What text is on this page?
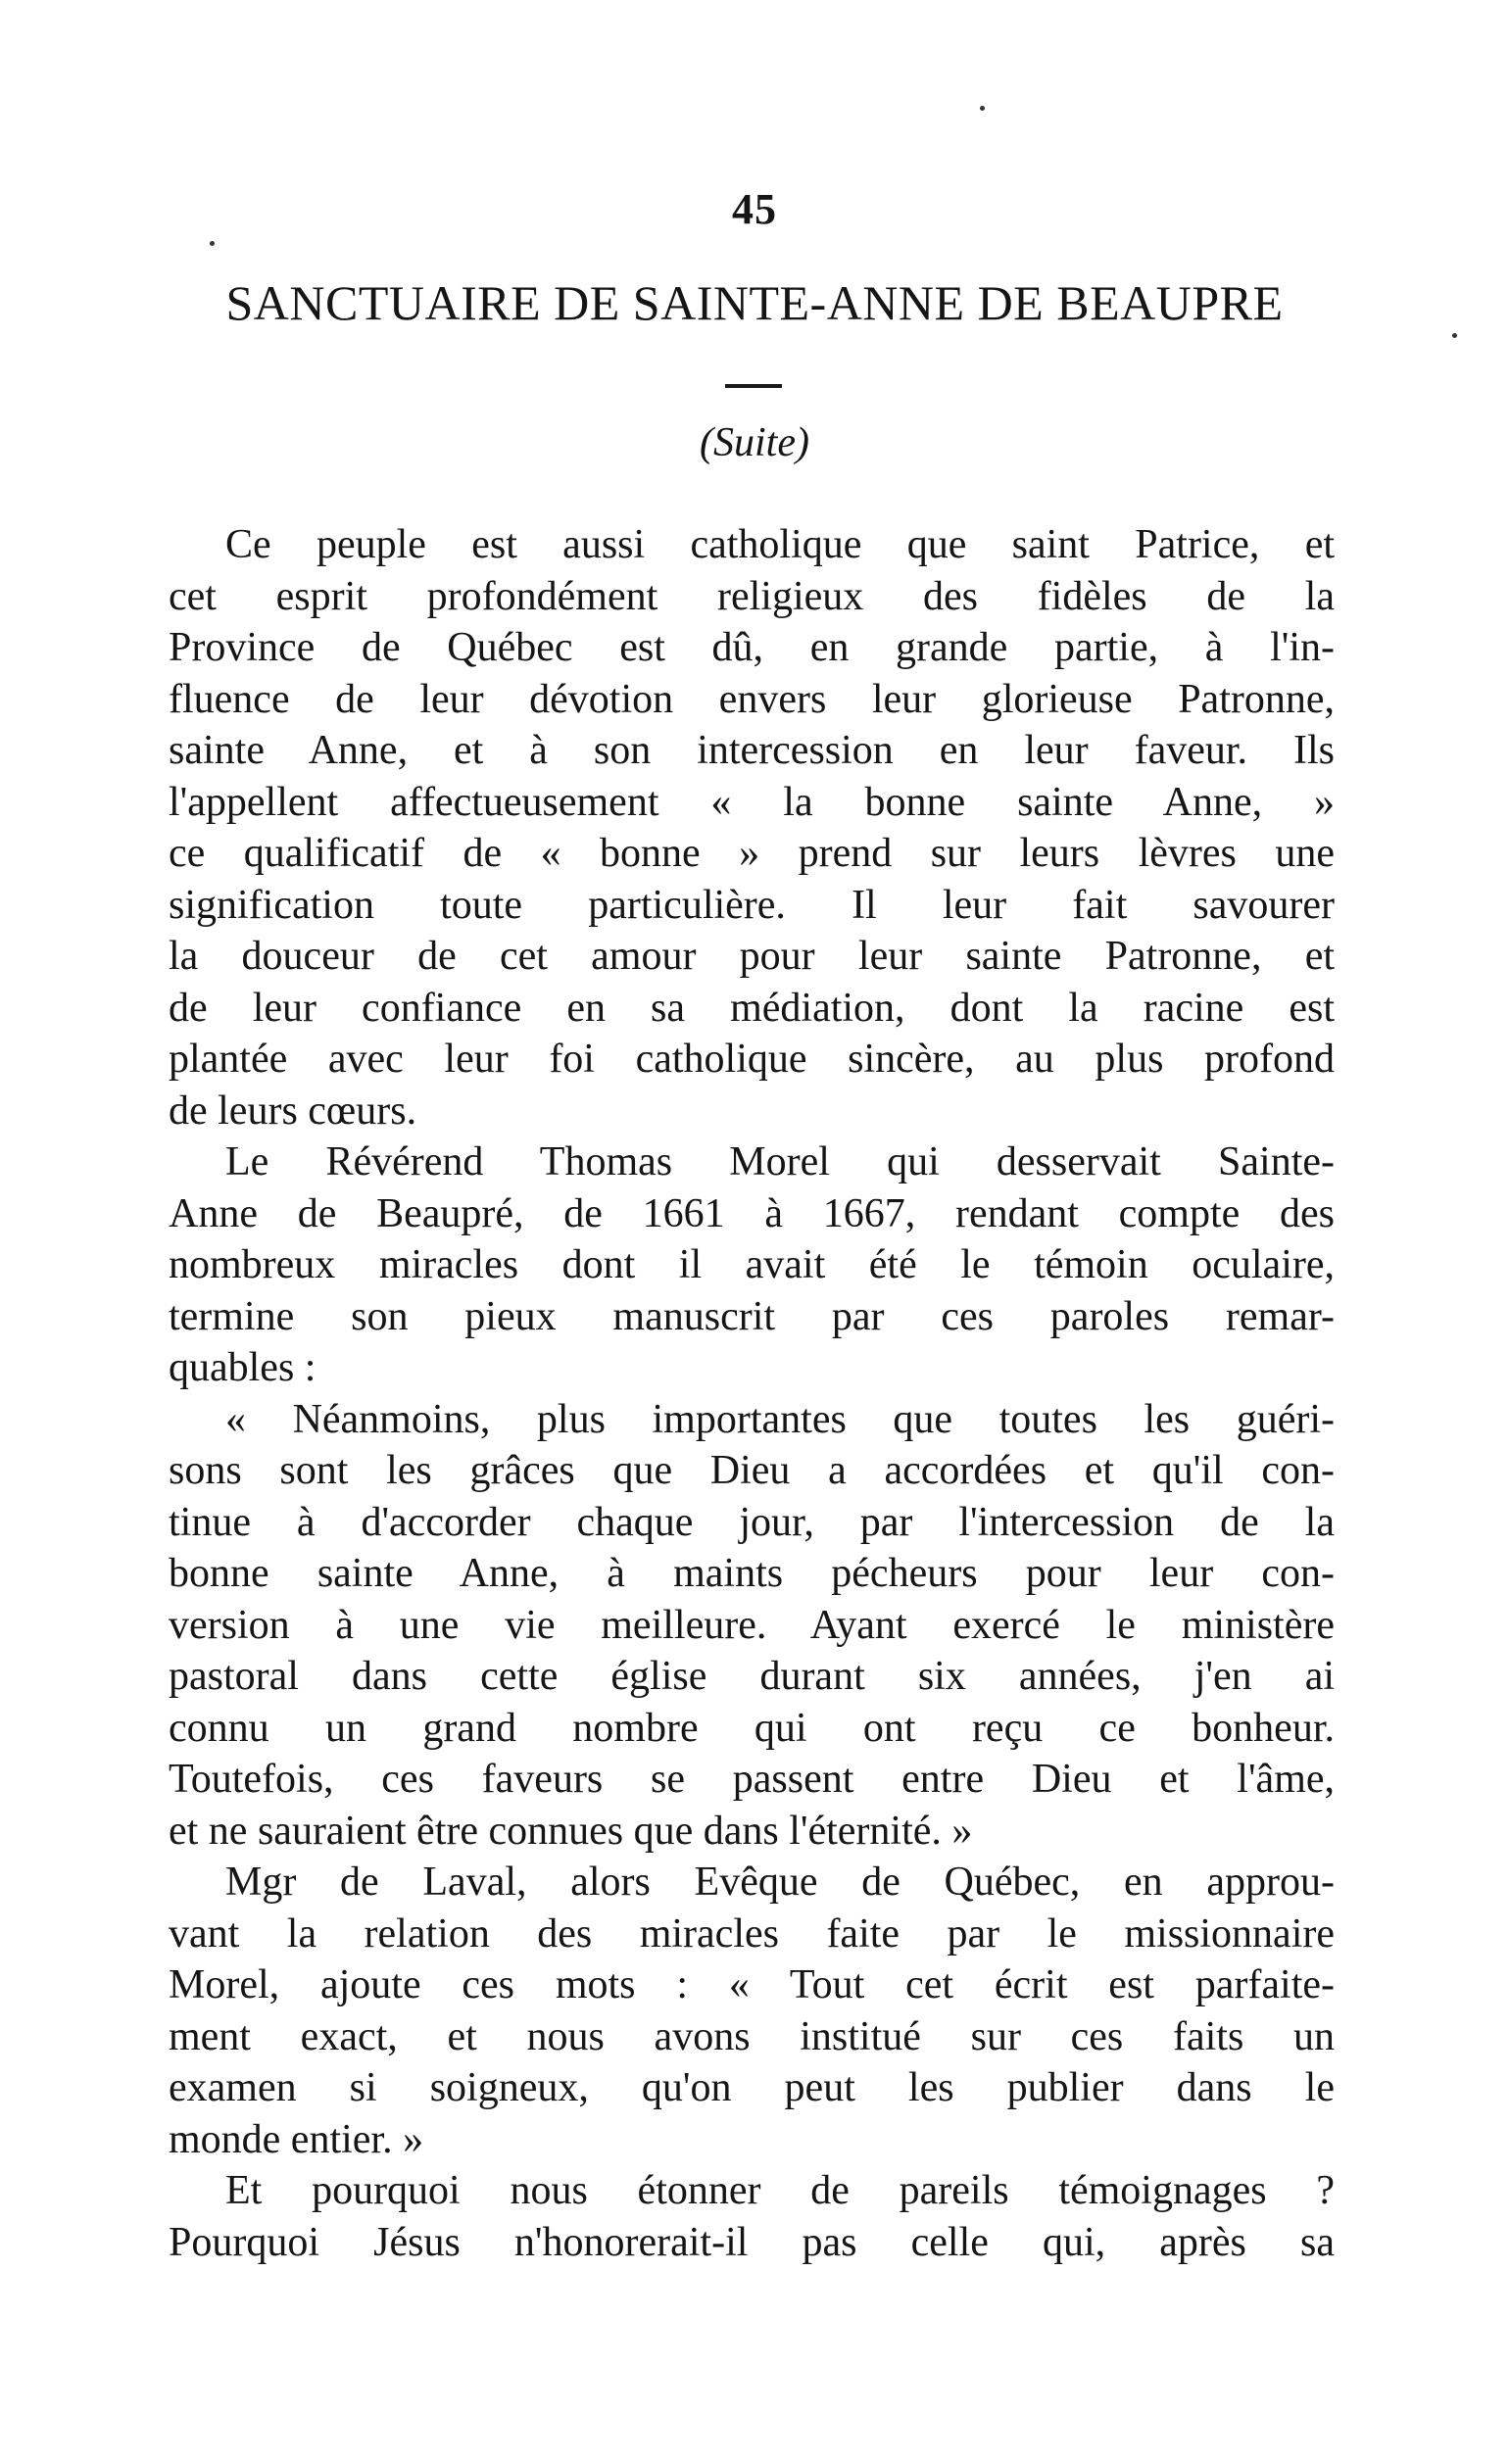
45
SANCTUAIRE DE SAINTE-ANNE DE BEAUPRE
(Suite)
Ce peuple est aussi catholique que saint Patrice, et
cet esprit profondément religieux des fidèles de la
Province de Québec est dû, en grande partie, à l'in-
fluence de leur dévotion envers leur glorieuse Patronne,
sainte Anne, et à son intercession en leur faveur. Ils
l'appellent affectueusement « la bonne sainte Anne, »
ce qualificatif de « bonne » prend sur leurs lèvres une
signification toute particulière. Il leur fait savourer
la douceur de cet amour pour leur sainte Patronne, et
de leur confiance en sa médiation, dont la racine est
plantée avec leur foi catholique sincère, au plus profond
de leurs cœurs.
Le Révérend Thomas Morel qui desservait Sainte-
Anne de Beaupré, de 1661 à 1667, rendant compte des
nombreux miracles dont il avait été le témoin oculaire,
termine son pieux manuscrit par ces paroles remar-
quables :
« Néanmoins, plus importantes que toutes les guéri-
sons sont les grâces que Dieu a accordées et qu'il con-
tinue à d'accorder chaque jour, par l'intercession de la
bonne sainte Anne, à maints pécheurs pour leur con-
version à une vie meilleure. Ayant exercé le ministère
pastoral dans cette église durant six années, j'en ai
connu un grand nombre qui ont reçu ce bonheur.
Toutefois, ces faveurs se passent entre Dieu et l'âme,
et ne sauraient être connues que dans l'éternité. »
Mgr de Laval, alors Evêque de Québec, en approu-
vant la relation des miracles faite par le missionnaire
Morel, ajoute ces mots : « Tout cet écrit est parfaite-
ment exact, et nous avons institué sur ces faits un
examen si soigneux, qu'on peut les publier dans le
monde entier. »
Et pourquoi nous étonner de pareils témoignages ?
Pourquoi Jésus n'honorerait-il pas celle qui, après sa
